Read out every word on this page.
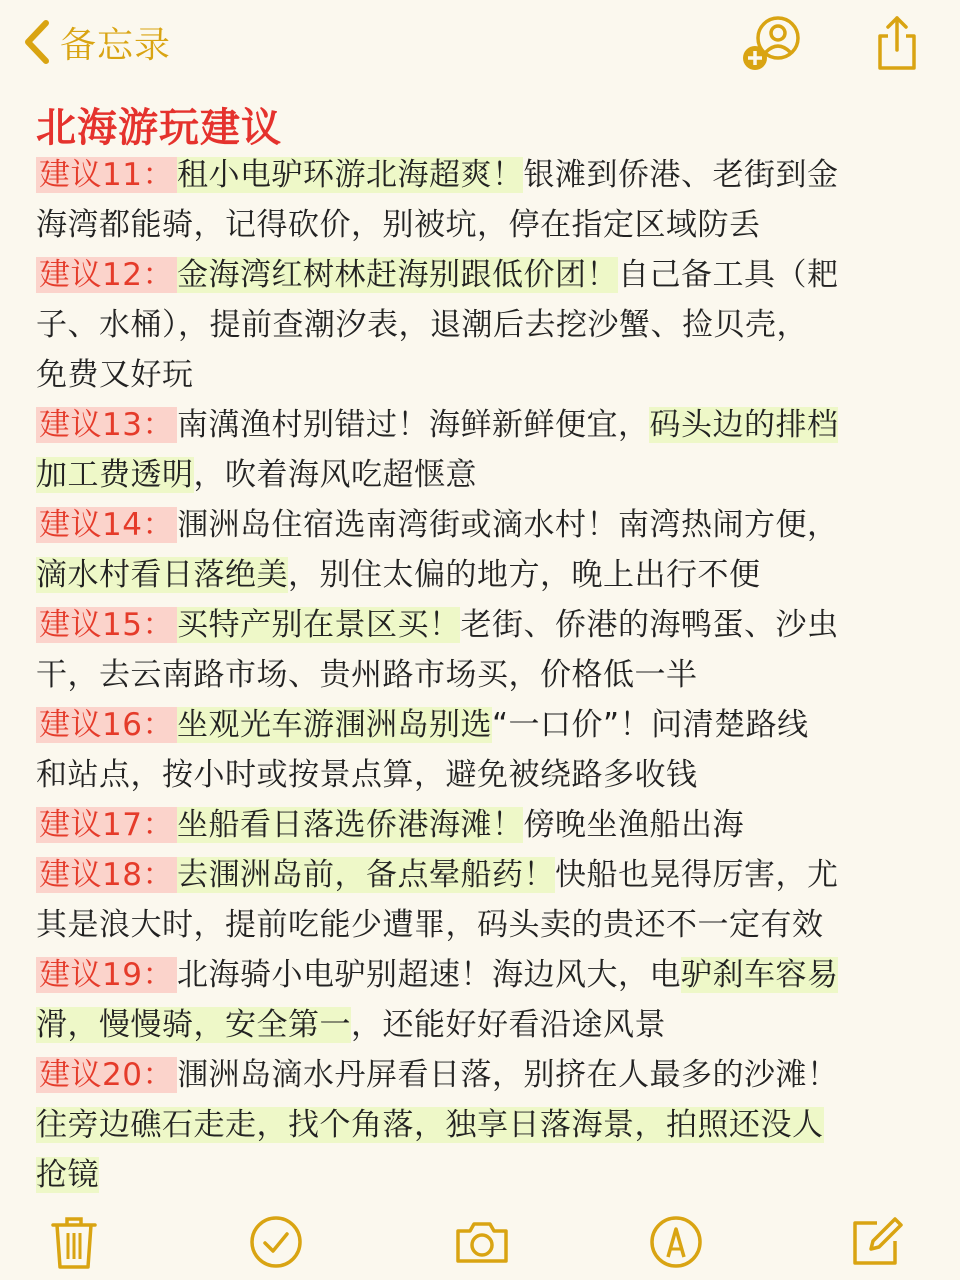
备忘录
北海游玩建议
建议11：租小电驴环游北海超爽！银滩到侨港、老街到金
海湾都能骑，记得砍价，别被坑，停在指定区域防丢
建议12：金海湾红树林赶海别跟低价团！自己备工具（耙
子、水桶），提前查潮汐表，退潮后去挖沙蟹、捡贝壳，
免费又好玩
建议13：南澫渔村别错过！海鲜新鲜便宜，码头边的排档
加工费透明，吹着海风吃超惬意
建议14：涠洲岛住宿选南湾街或滴水村！南湾热闹方便，
滴水村看日落绝美，别住太偏的地方，晚上出行不便
建议15：买特产别在景区买！老街、侨港的海鸭蛋、沙虫
干，去云南路市场、贵州路市场买，价格低一半
建议16：坐观光车游涠洲岛别选“一口价”！问清楚路线
和站点，按小时或按景点算，避免被绕路多收钱
建议17：坐船看日落选侨港海滩！傍晚坐渔船出海
建议18：去涠洲岛前，备点晕船药！快船也晃得厉害，尤
其是浪大时，提前吃能少遭罪，码头卖的贵还不一定有效
建议19：北海骑小电驴别超速！海边风大，电驴刹车容易
滑，慢慢骑，安全第一，还能好好看沿途风景
建议20：涠洲岛滴水丹屏看日落，别挤在人最多的沙滩！
往旁边礁石走走，找个角落，独享日落海景，拍照还没人
抢镜
